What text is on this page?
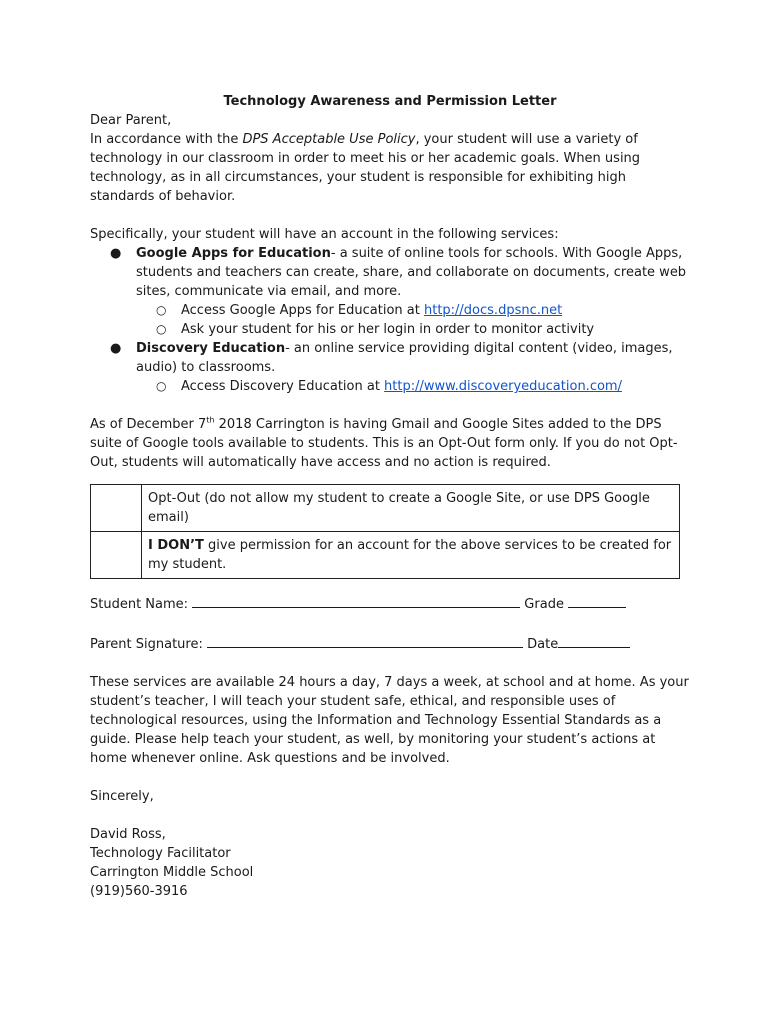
Technology Awareness and Permission Letter

Dear Parent,

In accordance with the DPS Acceptable Use Policy, your student will use a variety of technology in our classroom in order to meet his or her academic goals. When using technology, as in all circumstances, your student is responsible for exhibiting high standards of behavior.

Specifically, your student will have an account in the following services:

● Google Apps for Education- a suite of online tools for schools. With Google Apps, students and teachers can create, share, and collaborate on documents, create web sites, communicate via email, and more.
○ Access Google Apps for Education at http://docs.dpsnc.net
○ Ask your student for his or her login in order to monitor activity
● Discovery Education- an online service providing digital content (video, images, audio) to classrooms.
○ Access Discovery Education at http://www.discoveryeducation.com/

As of December 7th 2018 Carrington is having Gmail and Google Sites added to the DPS suite of Google tools available to students. This is an Opt-Out form only. If you do not Opt-Out, students will automatically have access and no action is required.

	Opt-Out (do not allow my student to create a Google Site, or use DPS Google email)
	I DON’T give permission for an account for the above services to be created for my student.

Student Name:	Grade

Parent Signature:	Date

These services are available 24 hours a day, 7 days a week, at school and at home. As your student’s teacher, I will teach your student safe, ethical, and responsible uses of technological resources, using the Information and Technology Essential Standards as a guide. Please help teach your student, as well, by monitoring your student’s actions at home whenever online. Ask questions and be involved.

Sincerely,

David Ross,

Technology Facilitator

Carrington Middle School

(919)560-3916
